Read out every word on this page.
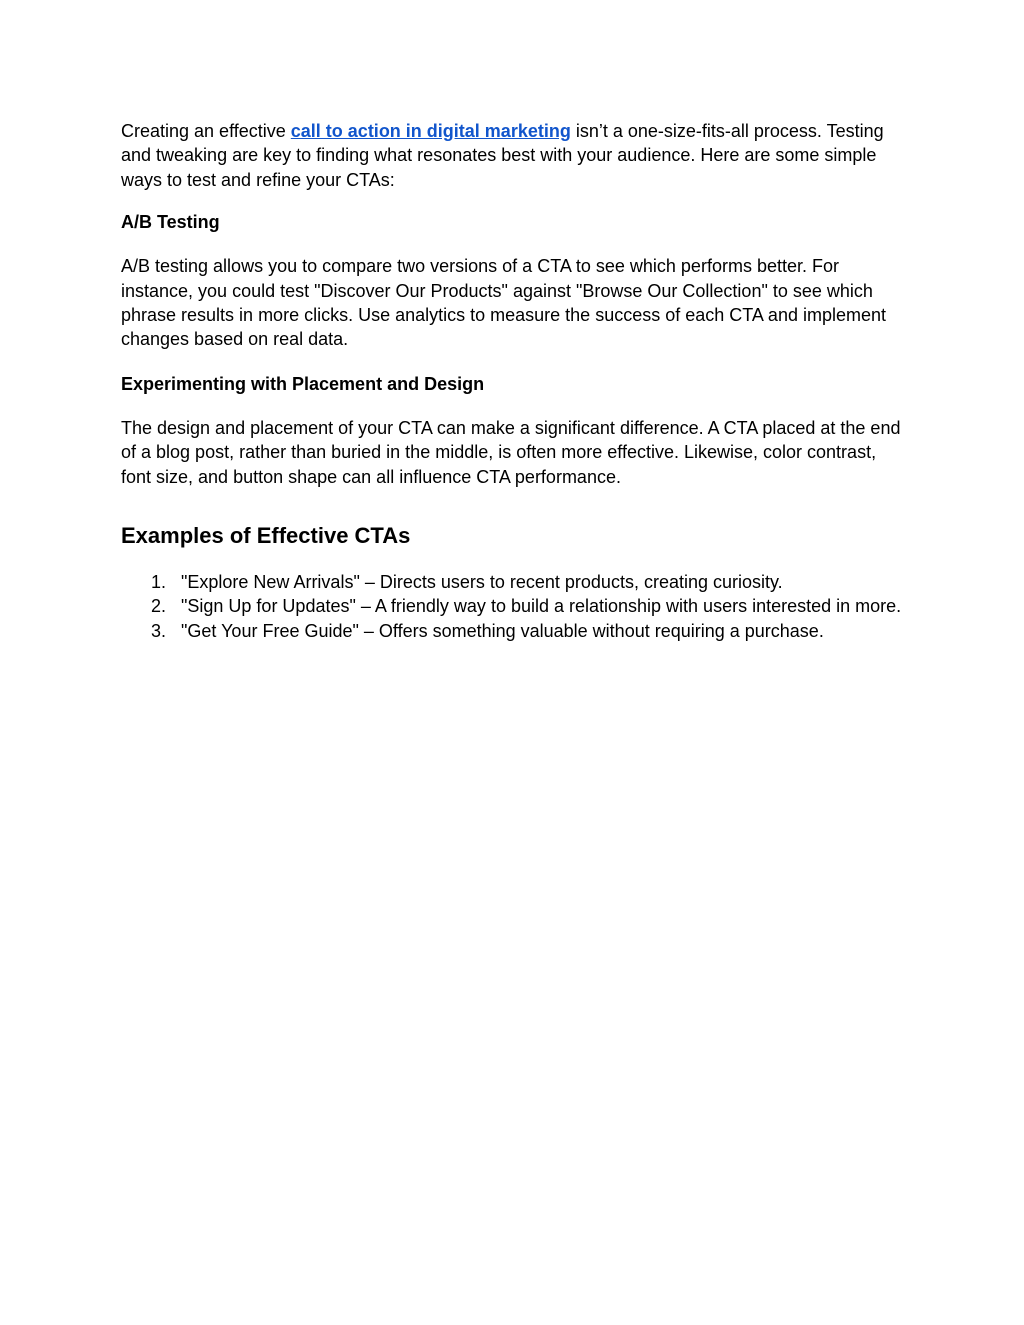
Creating an effective call to action in digital marketing isn’t a one-size-fits-all process. Testing and tweaking are key to finding what resonates best with your audience. Here are some simple ways to test and refine your CTAs:

A/B Testing

A/B testing allows you to compare two versions of a CTA to see which performs better. For instance, you could test "Discover Our Products" against "Browse Our Collection" to see which phrase results in more clicks. Use analytics to measure the success of each CTA and implement changes based on real data.

Experimenting with Placement and Design

The design and placement of your CTA can make a significant difference. A CTA placed at the end of a blog post, rather than buried in the middle, is often more effective. Likewise, color contrast, font size, and button shape can all influence CTA performance.

Examples of Effective CTAs
1. "Explore New Arrivals" – Directs users to recent products, creating curiosity.
2. "Sign Up for Updates" – A friendly way to build a relationship with users interested in more.
3. "Get Your Free Guide" – Offers something valuable without requiring a purchase.
